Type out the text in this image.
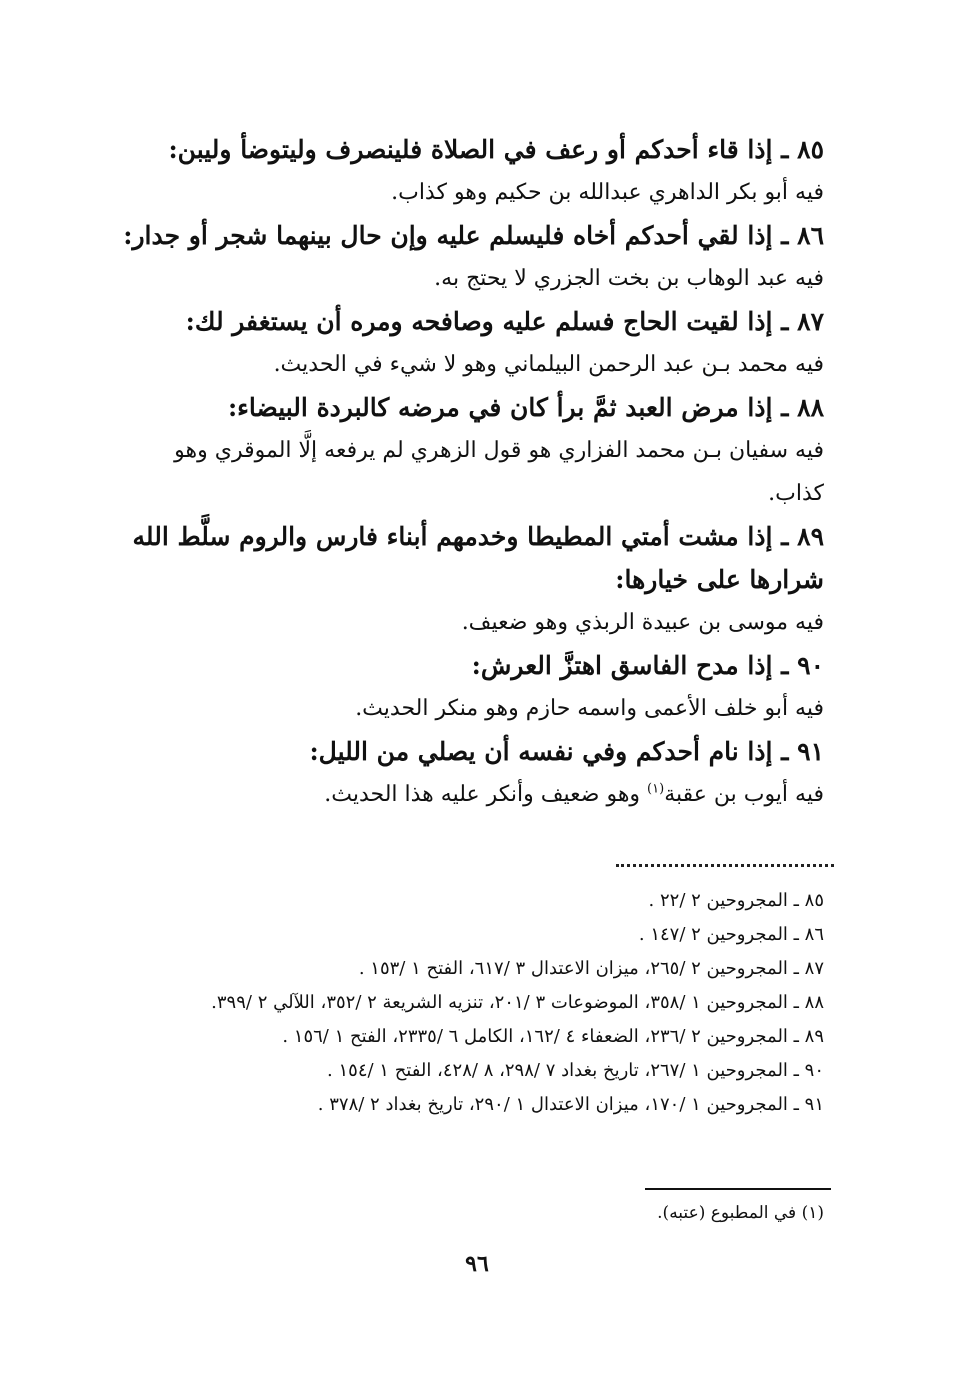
٨٥ ـ إذا قاء أحدكم أو رعف في الصلاة فلينصرف وليتوضأ وليبن:
فيه أبو بكر الداهري عبدالله بن حكيم وهو كذاب.
٨٦ ـ إذا لقي أحدكم أخاه فليسلم عليه وإن حال بينهما شجر أو جدار:
فيه عبد الوهاب بن بخت الجزري لا يحتج به.
٨٧ ـ إذا لقيت الحاج فسلم عليه وصافحه ومره أن يستغفر لك:
فيه محمد بـن عبد الرحمن البيلماني وهو لا شيء في الحديث.
٨٨ ـ إذا مرض العبد ثمَّ برأ كان في مرضه كالبردة البيضاء:
فيه سفيان بـن محمد الفزاري هو قول الزهري لم يرفعه إلَّا الموقري وهو كذاب.
٨٩ ـ إذا مشت أمتي المطيطا وخدمهم أبناء فارس والروم سلَّط الله شرارها على خيارها:
فيه موسى بن عبيدة الربذي وهو ضعيف.
٩٠ ـ إذا مدح الفاسق اهتزَّ العرش:
فيه أبو خلف الأعمى واسمه حازم وهو منكر الحديث.
٩١ ـ إذا نام أحدكم وفي نفسه أن يصلي من الليل:
فيه أيوب بن عقبة$^{(١)}$ وهو ضعيف وأنكر عليه هذا الحديث.
٨٥ ـ المجروحين ٢ /٢٢ .
٨٦ ـ المجروحين ٢ /١٤٧ .
٨٧ ـ المجروحين ٢ /٢٦٥، ميزان الاعتدال ٣ /٦١٧، الفتح ١ /١٥٣ .
٨٨ ـ المجروحين ١ /٣٥٨، الموضوعات ٣ /٢٠١، تنزيه الشريعة ٢ /٣٥٢، اللآلي ٢ /٣٩٩.
٨٩ ـ المجروحين ٢ /٢٣٦، الضعفاء ٤ /١٦٢، الكامل ٦ /٢٣٣٥، الفتح ١ /١٥٦ .
٩٠ ـ المجروحين ١ /٢٦٧، تاريخ بغداد ٧ /٢٩٨، ٨ /٤٢٨، الفتح ١ /١٥٤ .
٩١ ـ المجروحين ١ /١٧٠، ميزان الاعتدال ١ /٢٩٠، تاريخ بغداد ٢ /٣٧٨ .
(١) في المطبوع (عتبه).
٩٦
